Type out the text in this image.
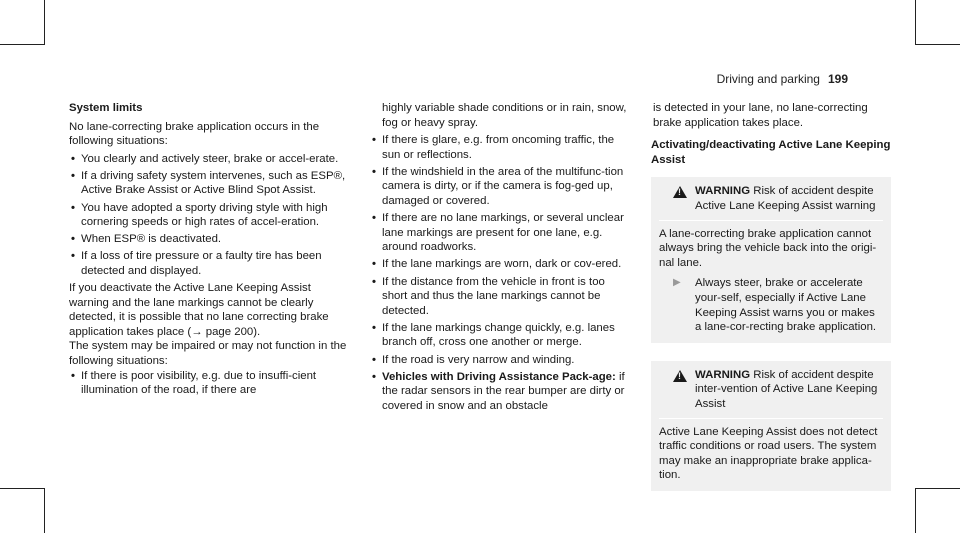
Driving and parking 199

System limits

No lane-correcting brake application occurs in the following situations:

• You clearly and actively steer, brake or accel-erate.
• If a driving safety system intervenes, such as ESP®, Active Brake Assist or Active Blind Spot Assist.
• You have adopted a sporty driving style with high cornering speeds or high rates of accel-eration.
• When ESP® is deactivated.
• If a loss of tire pressure or a faulty tire has been detected and displayed.

If you deactivate the Active Lane Keeping Assist warning and the lane markings cannot be clearly detected, it is possible that no lane correcting brake application takes place (→ page 200).

The system may be impaired or may not function in the following situations:

• If there is poor visibility, e.g. due to insuffi-cient illumination of the road, if there are

highly variable shade conditions or in rain, snow, fog or heavy spray.

• If there is glare, e.g. from oncoming traffic, the sun or reflections.
• If the windshield in the area of the multifunc-tion camera is dirty, or if the camera is fog-ged up, damaged or covered.
• If there are no lane markings, or several unclear lane markings are present for one lane, e.g. around roadworks.
• If the lane markings are worn, dark or cov-ered.
• If the distance from the vehicle in front is too short and thus the lane markings cannot be detected.
• If the lane markings change quickly, e.g. lanes branch off, cross one another or merge.
• If the road is very narrow and winding.
• Vehicles with Driving Assistance Pack-age: if the radar sensors in the rear bumper are dirty or covered in snow and an obstacle

is detected in your lane, no lane-correcting brake application takes place.

Activating/deactivating Active Lane Keeping Assist

! WARNING Risk of accident despite Active Lane Keeping Assist warning

A lane-correcting brake application cannot always bring the vehicle back into the origi-nal lane.

▶	Always steer, brake or accelerate your-self, especially if Active Lane Keeping Assist warns you or makes a lane-cor-recting brake application.
! WARNING Risk of accident despite inter-vention of Active Lane Keeping Assist

Active Lane Keeping Assist does not detect traffic conditions or road users. The system may make an inappropriate brake applica-tion.
